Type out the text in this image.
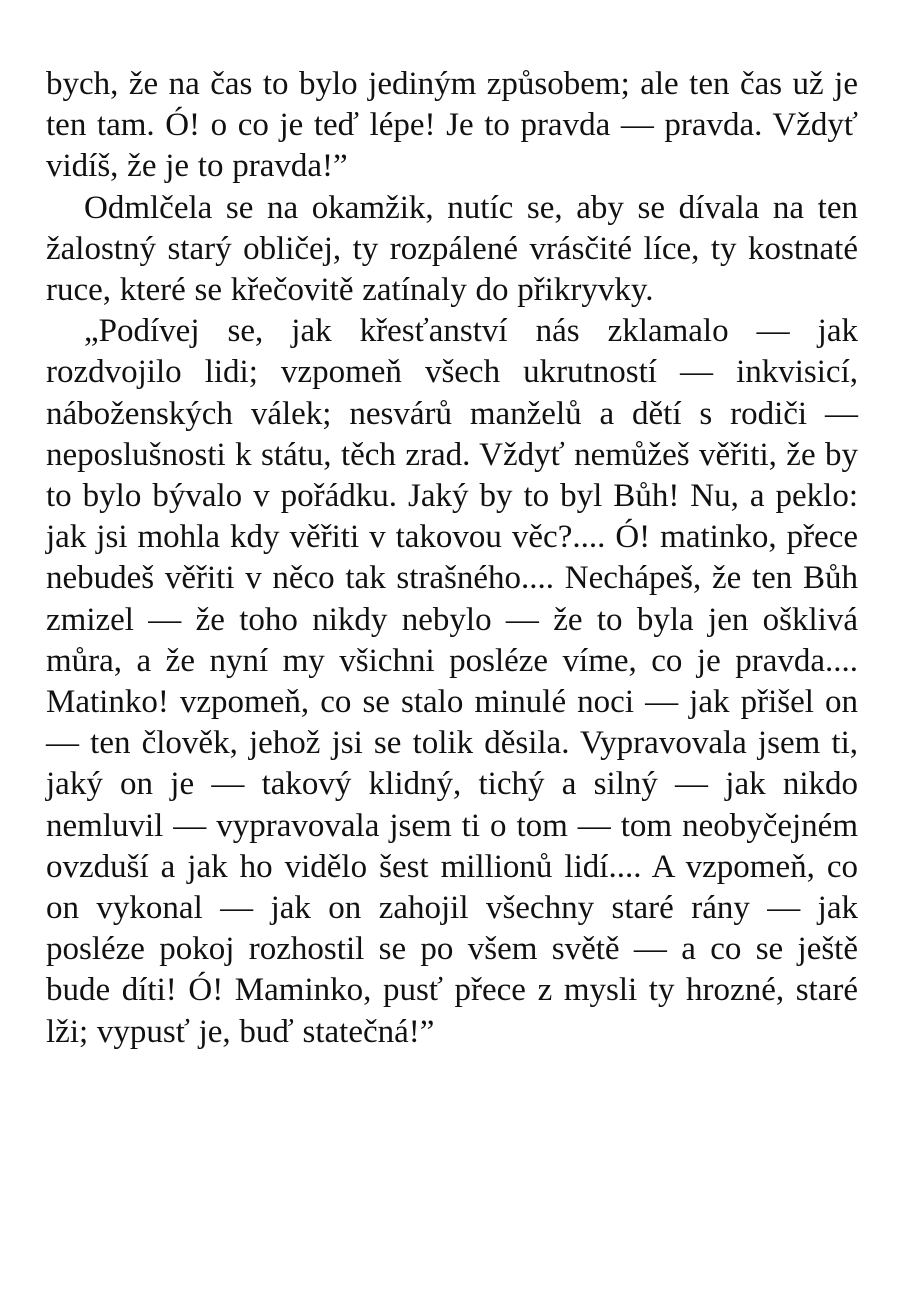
bych, že na čas to bylo jediným způsobem; ale ten čas už je ten tam. Ó! o co je teď lépe! Je to pravda — pravda. Vždyť vidíš, že je to pravda!”

Odmlčela se na okamžik, nutíc se, aby se dívala na ten žalostný starý obličej, ty rozpálené vrásčité líce, ty kostnaté ruce, které se křečovitě zatínaly do přikryvky.

„Podívej se, jak křesťanství nás zklamalo — jak rozdvojilo lidi; vzpomeň všech ukrutností — inkvisicí, náboženských válek; nesvárů manželů a dětí s rodiči — neposlušnosti k státu, těch zrad. Vždyť nemůžeš věřiti, že by to bylo bývalo v pořádku. Jaký by to byl Bůh! Nu, a peklo: jak jsi mohla kdy věřiti v takovou věc?.... Ó! matinko, přece nebudeš věřiti v něco tak strašného.... Nechápeš, že ten Bůh zmizel — že toho nikdy nebylo — že to byla jen ošklivá můra, a že nyní my všichni posléze víme, co je pravda.... Matinko! vzpomeň, co se stalo minulé noci — jak přišel on — ten člověk, jehož jsi se tolik děsila. Vypravovala jsem ti, jaký on je — takový klidný, tichý a silný — jak nikdo nemluvil — vypravovala jsem ti o tom — tom neobyčejném ovzduší a jak ho vidělo šest millionů lidí.... A vzpomeň, co on vykonal — jak on zahojil všechny staré rány — jak posléze pokoj rozhostil se po všem světě — a co se ještě bude díti! Ó! Maminko, pusť přece z mysli ty hrozné, staré lži; vypusť je, buď statečná!”
